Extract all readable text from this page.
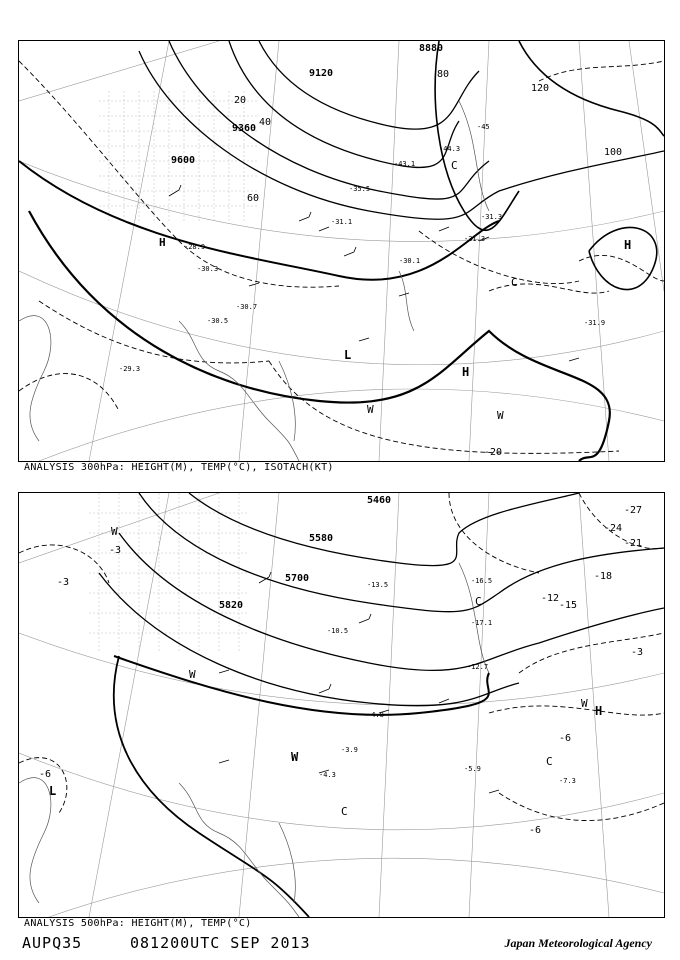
8880
9120
9360
9600
20
40
60
80
100
120
H
L
H
H
C
C
W	W
-30.3
-31.1
-30.1
-31.3
-31.9
-29.3
-28.9
-30.5
-30.7
-43.1
-44.3
-45
-35.5
-31.3
-20
ANALYSIS 300hPa: HEIGHT(M), TEMP(°C), ISOTACH(KT)
5460
5580
5700
5820
-3
-3
-6
-6
-12
-15
-18
-21
-24
-27
-3
-6
W
L
C
C
C
W
W
H
W
-5.9
-7.3
-4.3
-3.9
-4.8
-16.5
-17.1
-12.7
-10.5
-13.5
ANALYSIS 500hPa: HEIGHT(M), TEMP(°C)
AUPQ35	081200UTC SEP 2013	Japan Meteorological Agency
